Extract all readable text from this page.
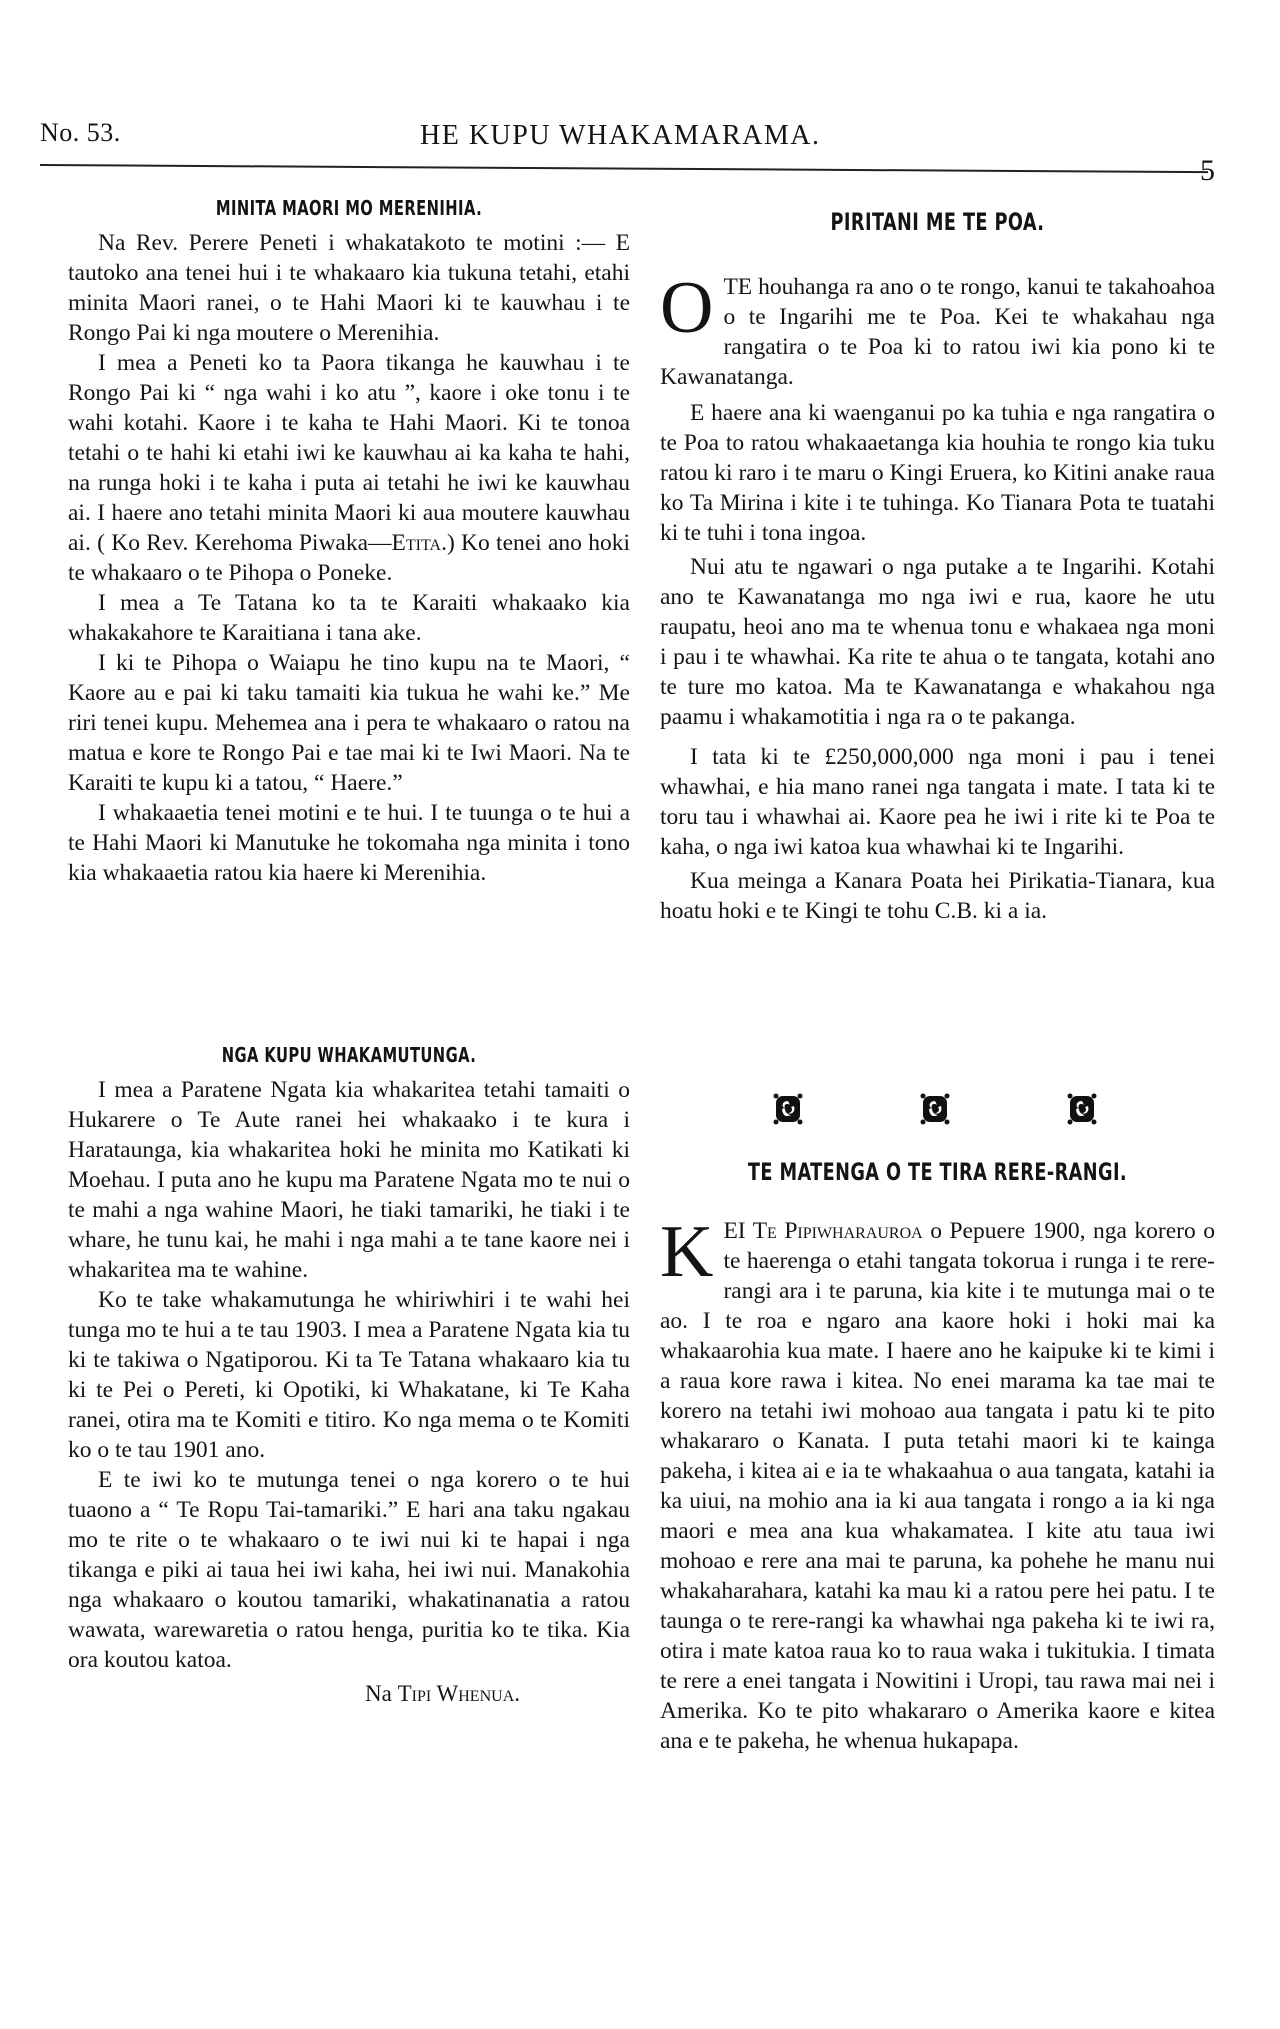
No. 53.	HE KUPU WHAKAMARAMA.
5
MINITA MAORI MO MERENIHIA.

Na Rev. Perere Peneti i whakatakoto te motini :— E tautoko ana tenei hui i te whakaaro kia tukuna tetahi, etahi minita Maori ranei, o te Hahi Maori ki te kauwhau i te Rongo Pai ki nga moutere o Merenihia.

I mea a Peneti ko ta Paora tikanga he kauwhau i te Rongo Pai ki “ nga wahi i ko atu ”, kaore i oke tonu i te wahi kotahi. Kaore i te kaha te Hahi Maori. Ki te tonoa tetahi o te hahi ki etahi iwi ke kauwhau ai ka kaha te hahi, na runga hoki i te kaha i puta ai tetahi he iwi ke kauwhau ai. I haere ano tetahi minita Maori ki aua moutere kauwhau ai. ( Ko Rev. Kerehoma Piwaka—Etita.) Ko tenei ano hoki te whakaaro o te Pihopa o Poneke.

I mea a Te Tatana ko ta te Karaiti whakaako kia whakakahore te Karaitiana i tana ake.

I ki te Pihopa o Waiapu he tino kupu na te Maori, “ Kaore au e pai ki taku tamaiti kia tukua he wahi ke.” Me riri tenei kupu. Mehemea ana i pera te whakaaro o ratou na matua e kore te Rongo Pai e tae mai ki te Iwi Maori. Na te Karaiti te kupu ki a tatou, “ Haere.”

I whakaaetia tenei motini e te hui. I te tuunga o te hui a te Hahi Maori ki Manutuke he tokomaha nga minita i tono kia whakaaetia ratou kia haere ki Merenihia.

NGA KUPU WHAKAMUTUNGA.

I mea a Paratene Ngata kia whakaritea tetahi tamaiti o Hukarere o Te Aute ranei hei whakaako i te kura i Harataunga, kia whakaritea hoki he minita mo Katikati ki Moehau. I puta ano he kupu ma Paratene Ngata mo te nui o te mahi a nga wahine Maori, he tiaki tamariki, he tiaki i te whare, he tunu kai, he mahi i nga mahi a te tane kaore nei i whakaritea ma te wahine.

Ko te take whakamutunga he whiriwhiri i te wahi hei tunga mo te hui a te tau 1903. I mea a Paratene Ngata kia tu ki te takiwa o Ngatiporou. Ki ta Te Tatana whakaaro kia tu ki te Pei o Pereti, ki Opotiki, ki Whakatane, ki Te Kaha ranei, otira ma te Komiti e titiro. Ko nga mema o te Komiti ko o te tau 1901 ano.

E te iwi ko te mutunga tenei o nga korero o te hui tuaono a “ Te Ropu Tai-tamariki.” E hari ana taku ngakau mo te rite o te whakaaro o te iwi nui ki te hapai i nga tikanga e piki ai taua hei iwi kaha, hei iwi nui. Manakohia nga whakaaro o koutou tamariki, whakatinanatia a ratou wawata, warewaretia o ratou henga, puritia ko te tika. Kia ora koutou katoa.

Na Tipi Whenua.
PIRITANI ME TE POA.

O TE houhanga ra ano o te rongo, kanui te takahoahoa o te Ingarihi me te Poa. Kei te whakahau nga rangatira o te Poa ki to ratou iwi kia pono ki te Kawanatanga.

E haere ana ki waenganui po ka tuhia e nga rangatira o te Poa to ratou whakaaetanga kia houhia te rongo kia tuku ratou ki raro i te maru o Kingi Eruera, ko Kitini anake raua ko Ta Mirina i kite i te tuhinga. Ko Tianara Pota te tuatahi ki te tuhi i tona ingoa.

Nui atu te ngawari o nga putake a te Ingarihi. Kotahi ano te Kawanatanga mo nga iwi e rua, kaore he utu raupatu, heoi ano ma te whenua tonu e whakaea nga moni i pau i te whawhai. Ka rite te ahua o te tangata, kotahi ano te ture mo katoa. Ma te Kawanatanga e whakahou nga paamu i whakamotitia i nga ra o te pakanga.

I tata ki te £250,000,000 nga moni i pau i tenei whawhai, e hia mano ranei nga tangata i mate. I tata ki te toru tau i whawhai ai. Kaore pea he iwi i rite ki te Poa te kaha, o nga iwi katoa kua whawhai ki te Ingarihi.

Kua meinga a Kanara Poata hei Pirikatia-Tianara, kua hoatu hoki e te Kingi te tohu C.B. ki a ia.

TE MATENGA O TE TIRA RERE-RANGI.

KEI Te Pipiwharauroa o Pepuere 1900, nga korero o te haerenga o etahi tangata tokorua i runga i te rere-rangi ara i te paruna, kia kite i te mutunga mai o te ao. I te roa e ngaro ana kaore hoki i hoki mai ka whakaarohia kua mate. I haere ano he kaipuke ki te kimi i a raua kore rawa i kitea. No enei marama ka tae mai te korero na tetahi iwi mohoao aua tangata i patu ki te pito whakararo o Kanata. I puta tetahi maori ki te kainga pakeha, i kitea ai e ia te whakaahua o aua tangata, katahi ia ka uiui, na mohio ana ia ki aua tangata i rongo a ia ki nga maori e mea ana kua whakamatea. I kite atu taua iwi mohoao e rere ana mai te paruna, ka pohehe he manu nui whakaharahara, katahi ka mau ki a ratou pere hei patu. I te taunga o te rere-rangi ka whawhai nga pakeha ki te iwi ra, otira i mate katoa raua ko to raua waka i tukitukia. I timata te rere a enei tangata i Nowitini i Uropi, tau rawa mai nei i Amerika. Ko te pito whakararo o Amerika kaore e kitea ana e te pakeha, he whenua hukapapa.
